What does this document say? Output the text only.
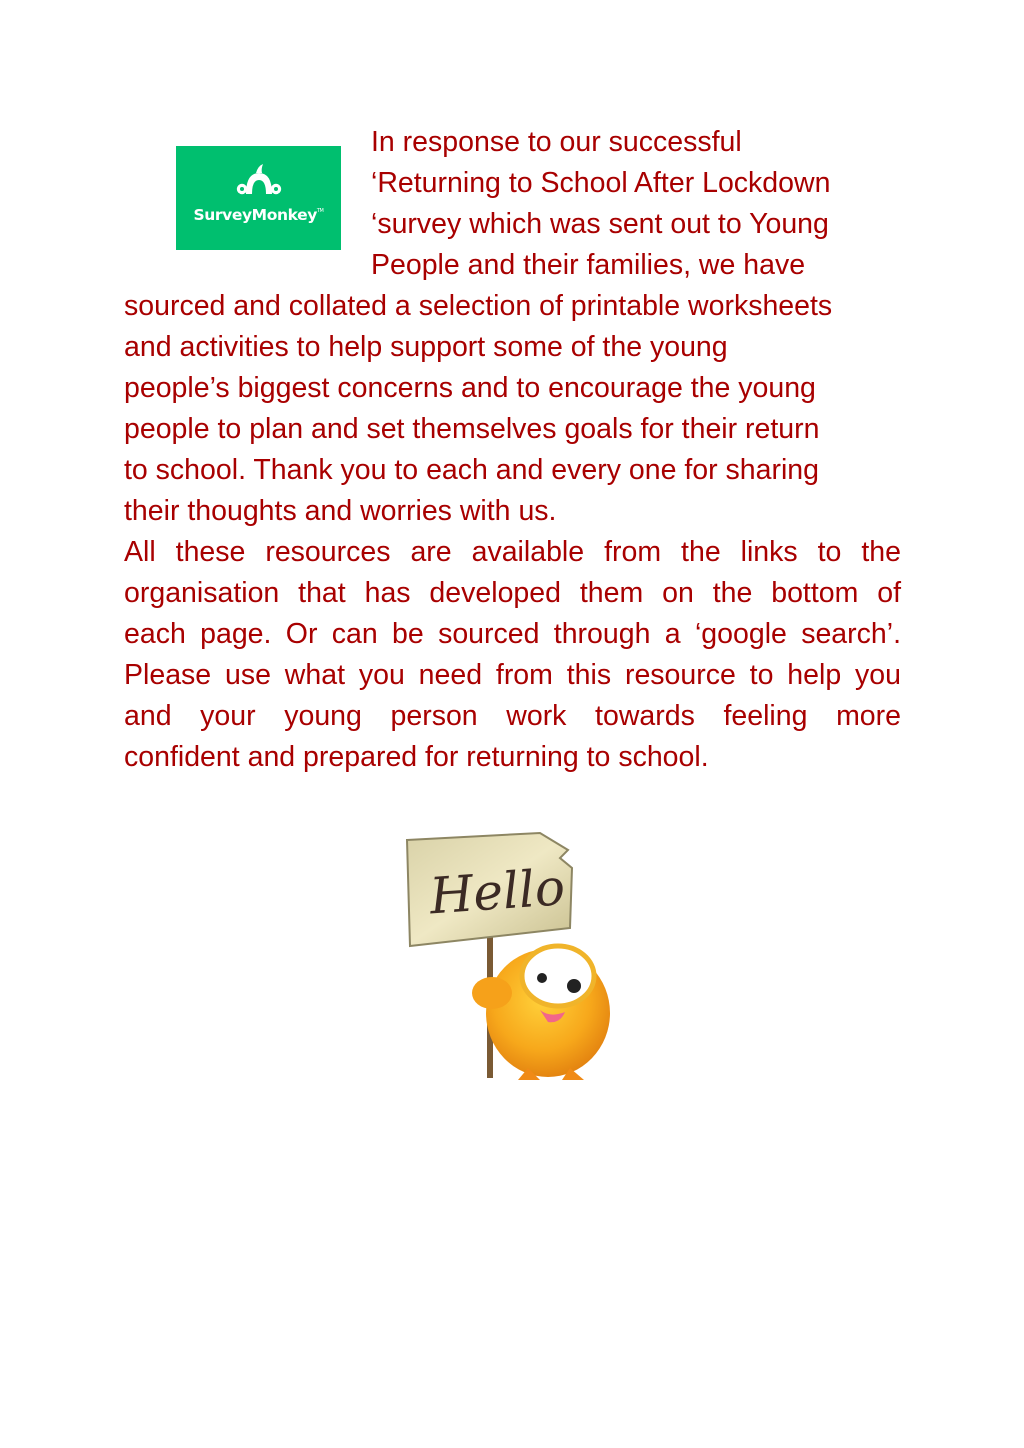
SurveyMonkey™
In response to our successful
‘Returning to School After Lockdown
‘survey which was sent out to Young
People and their families, we have
sourced and collated a selection of printable worksheets
and activities to help support some of the young
people’s biggest concerns and to encourage the young
people to plan and set themselves goals for their return
to school. Thank you to each and every one for sharing
their thoughts and worries with us.
All these resources are available from the links to the
organisation that has developed them on the bottom of
each page. Or can be sourced through a ‘google search’.
Please use what you need from this resource to help you
and your young person work towards feeling more
confident and prepared for returning to school.
Hello
